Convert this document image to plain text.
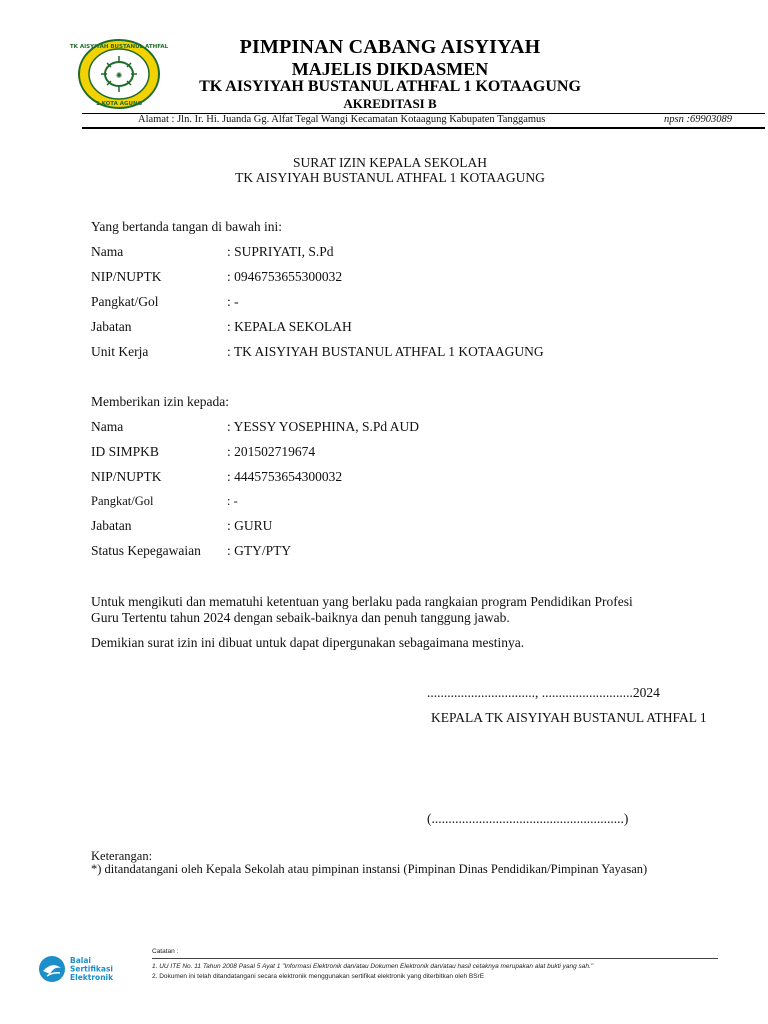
✺
TK AISYIYAH BUSTANUL ATHFAL
1 KOTA AGUNG
PIMPINAN CABANG AISYIYAH
MAJELIS DIKDASMEN
TK AISYIYAH BUSTANUL ATHFAL 1 KOTAAGUNG
AKREDITASI B
Alamat : Jln. Ir. Hi. Juanda Gg. Alfat Tegal Wangi Kecamatan Kotaagung Kabupaten Tanggamus	npsn :69903089
SURAT IZIN KEPALA SEKOLAH
TK AISYIYAH BUSTANUL ATHFAL 1 KOTAAGUNG
Yang bertanda tangan di bawah ini:
Nama	: SUPRIYATI, S.Pd
NIP/NUPTK	: 0946753655300032
Pangkat/Gol	: -
Jabatan	: KEPALA SEKOLAH
Unit Kerja	: TK AISYIYAH BUSTANUL ATHFAL 1 KOTAAGUNG
Memberikan izin kepada:
Nama	: YESSY YOSEPHINA, S.Pd AUD
ID SIMPKB	: 201502719674
NIP/NUPTK	: 4445753654300032
Pangkat/Gol	: -
Jabatan	: GURU
Status Kepegawaian : GTY/PTY
Untuk mengikuti dan mematuhi ketentuan yang berlaku pada rangkaian program Pendidikan Profesi
Guru Tertentu tahun 2024 dengan sebaik-baiknya dan penuh tanggung jawab.
Demikian surat izin ini dibuat untuk dapat dipergunakan sebagaimana mestinya.
................................, ...........................2024
KEPALA TK AISYIYAH BUSTANUL ATHFAL 1
(.........................................................)
Keterangan:
*) ditandatangani oleh Kepala Sekolah atau pimpinan instansi (Pimpinan Dinas Pendidikan/Pimpinan Yayasan)
Balai
Sertifikasi
Elektronik
Catatan :
1. UU ITE No. 11 Tahun 2008 Pasal 5 Ayat 1 "Informasi Elektronik dan/atau Dokumen Elektronik dan/atau hasil cetaknya merupakan alat bukti yang sah."
2. Dokumen ini telah ditandatangani secara elektronik menggunakan sertifikat elektronik yang diterbitkan oleh BSrE
